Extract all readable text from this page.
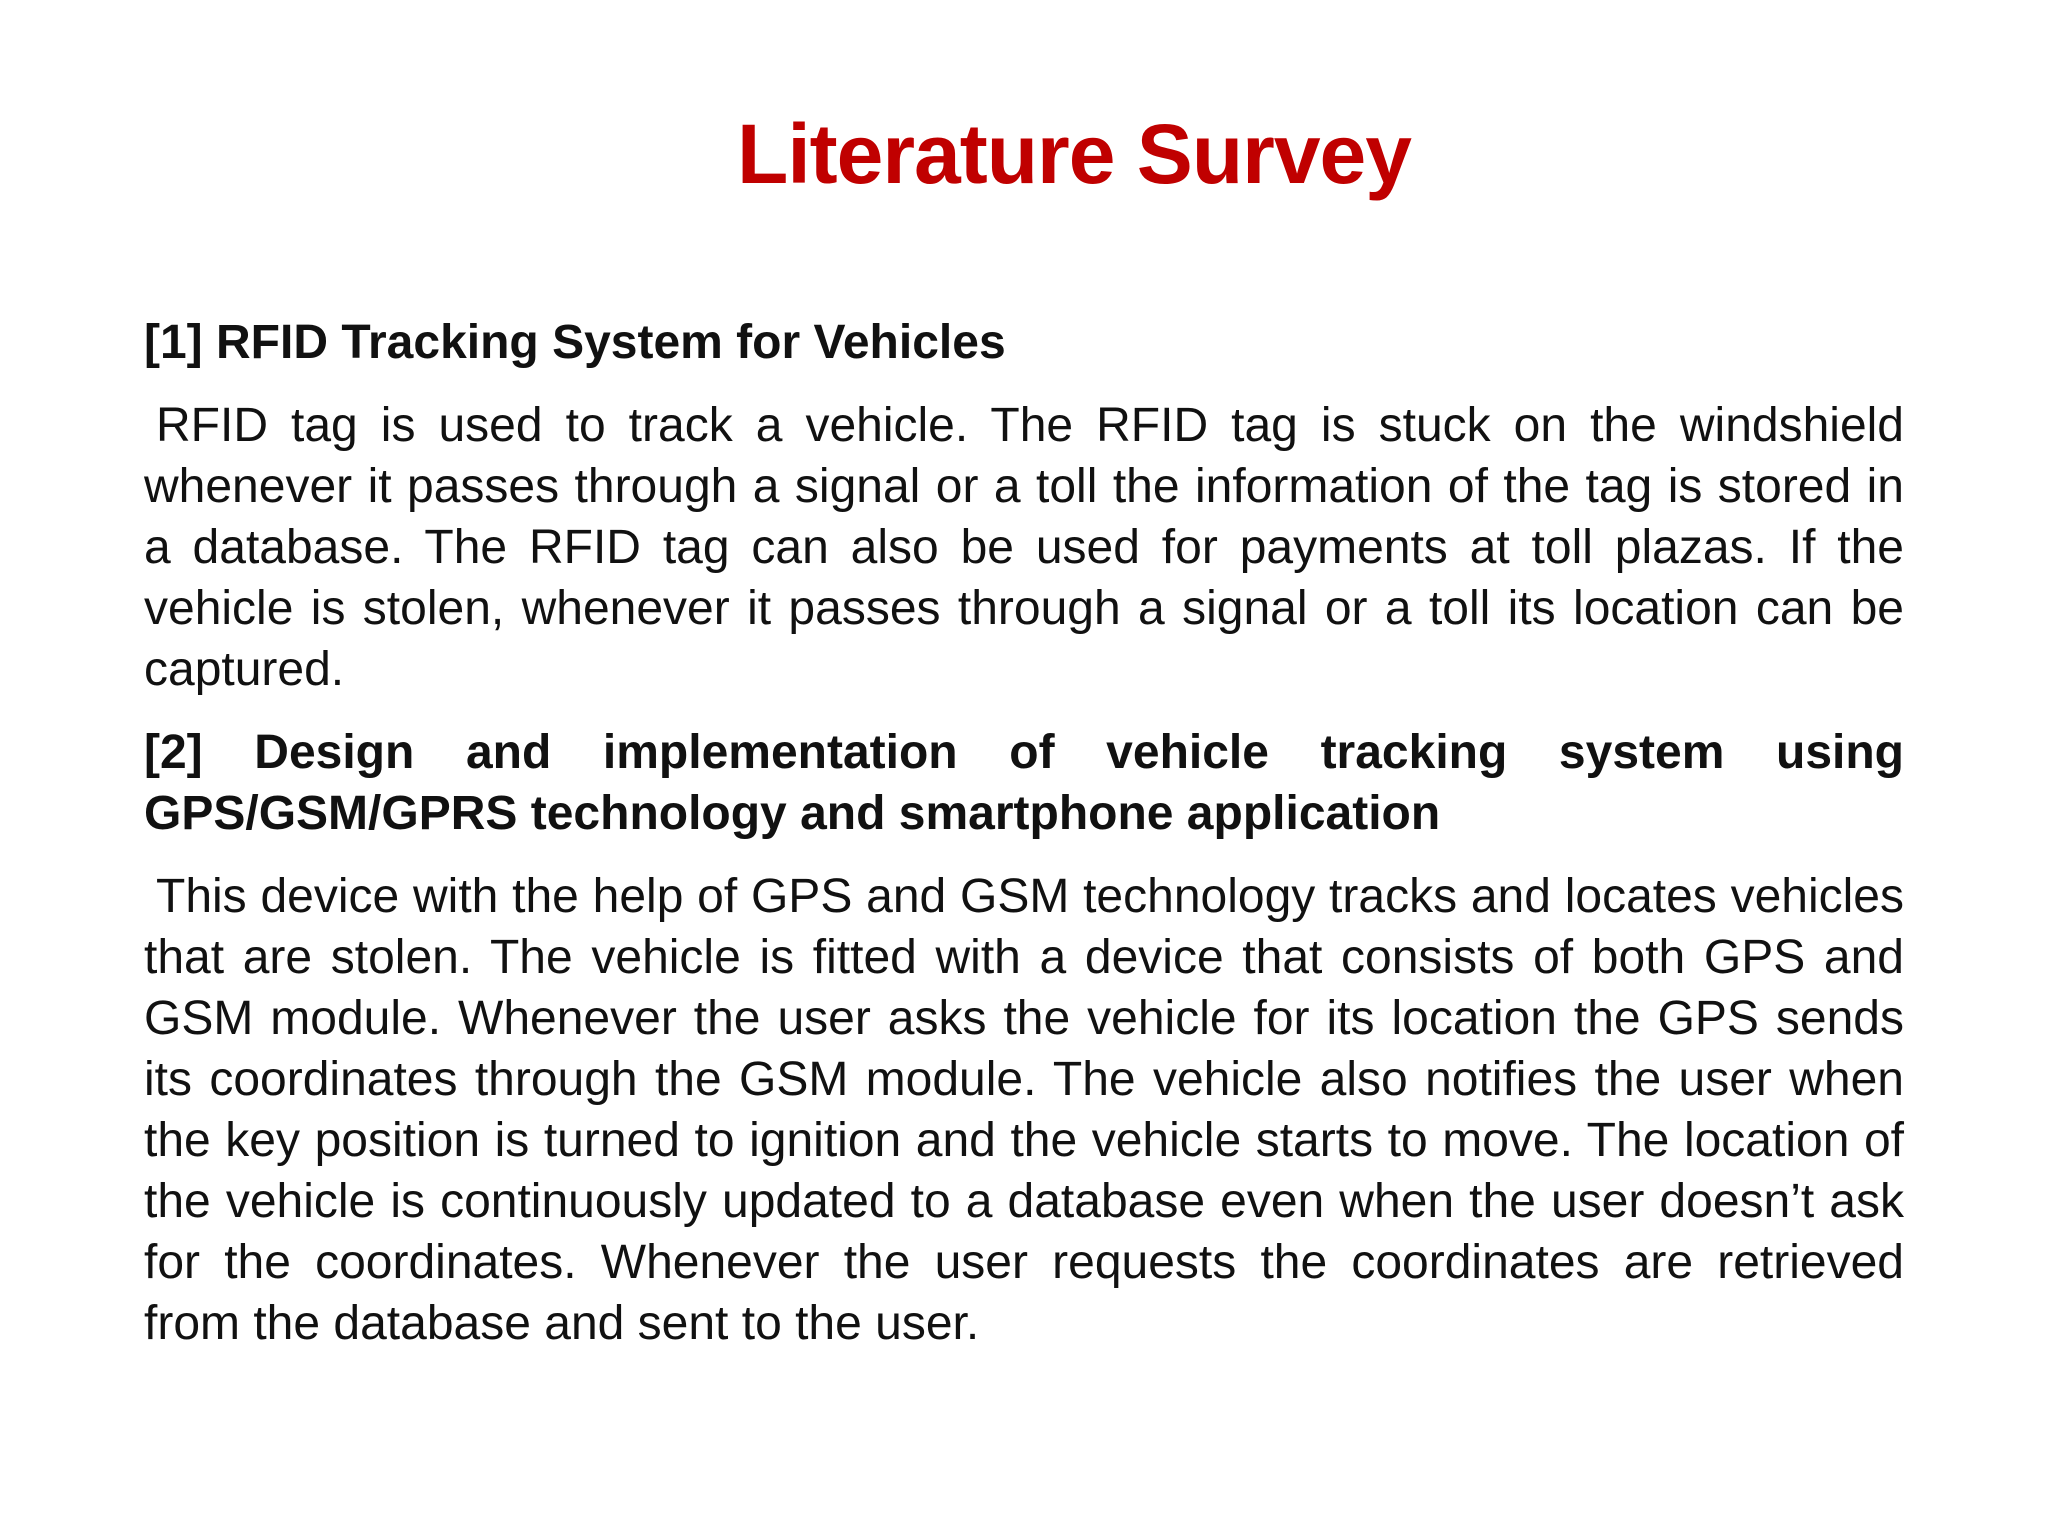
Literature Survey

[1] RFID Tracking System for Vehicles

RFID tag is used to track a vehicle. The RFID tag is stuck on the windshield whenever it passes through a signal or a toll the information of the tag is stored in a database. The RFID tag can also be used for payments at toll plazas. If the vehicle is stolen, whenever it passes through a signal or a toll its location can be captured.

[2] Design and implementation of vehicle tracking system using GPS/GSM/GPRS technology and smartphone application

This device with the help of GPS and GSM technology tracks and locates vehicles that are stolen. The vehicle is fitted with a device that consists of both GPS and GSM module. Whenever the user asks the vehicle for its location the GPS sends its coordinates through the GSM module. The vehicle also notifies the user when the key position is turned to ignition and the vehicle starts to move. The location of the vehicle is continuously updated to a database even when the user doesn’t ask for the coordinates. Whenever the user requests the coordinates are retrieved from the database and sent to the user.
